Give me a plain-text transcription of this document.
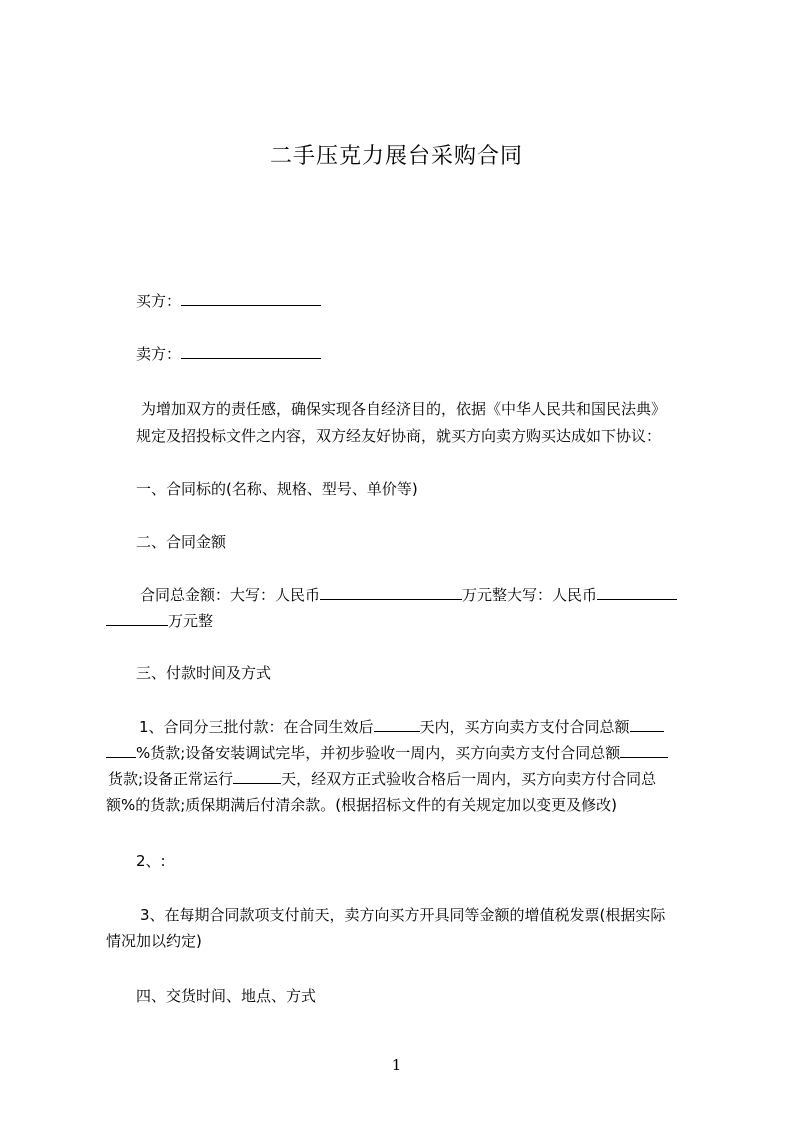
二手压克力展台采购合同
买方：
卖方：
为增加双方的责任感，确保实现各自经济目的，依据《中华人民共和国民法典》
规定及招投标文件之内容，双方经友好协商，就买方向卖方购买达成如下协议：
一、合同标的(名称、规格、型号、单价等)
二、合同金额
合同总金额：大写：人民币	万元整大写：人民币
万元整
三、付款时间及方式
1、合同分三批付款：在合同生效后	天内，买方向卖方支付合同总额
%货款;设备安装调试完毕，并初步验收一周内，买方向卖方支付合同总额
货款;设备正常运行	天，经双方正式验收合格后一周内，买方向卖方付合同总
额%的货款;质保期满后付清余款。(根据招标文件的有关规定加以变更及修改)
2、:
3、在每期合同款项支付前天，卖方向买方开具同等金额的增值税发票(根据实际
情况加以约定)
四、交货时间、地点、方式
1
